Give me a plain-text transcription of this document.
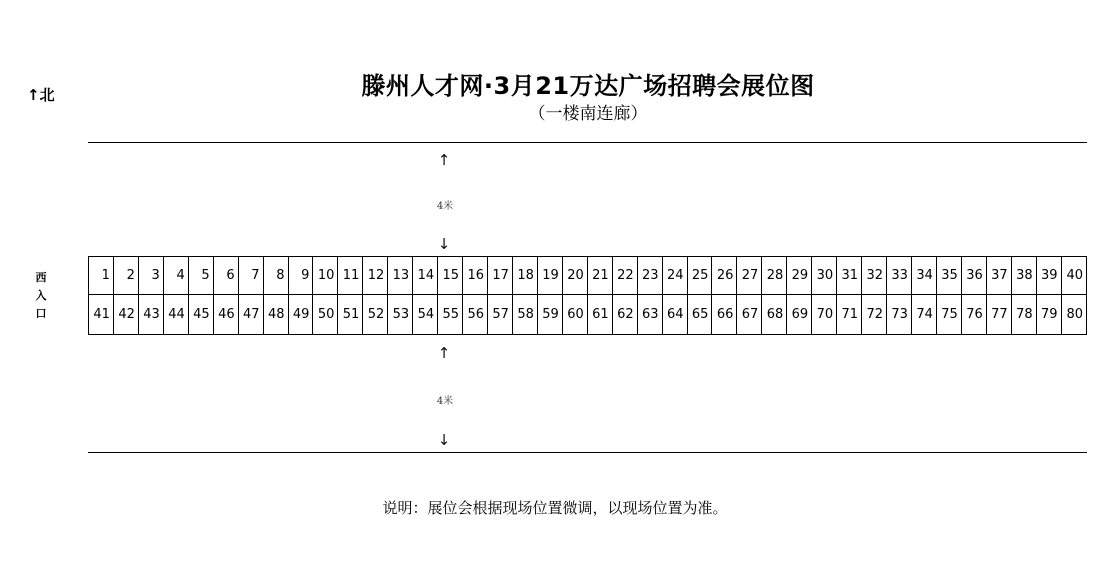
↑北	滕州人才网·3月21万达广场招聘会展位图
（一楼南连廊）
↑
4米
↓
西
入
口
1	2	3	4	5	6	7	8	9	10	11	12	13	14	15	16	17	18	19	20	21	22	23	24	25	26	27	28	29	30	31	32	33	34	35	36	37	38	39	40
41	42	43	44	45	46	47	48	49	50	51	52	53	54	55	56	57	58	59	60	61	62	63	64	65	66	67	68	69	70	71	72	73	74	75	76	77	78	79	80
↑
4米
↓
说明：展位会根据现场位置微调，以现场位置为准。
